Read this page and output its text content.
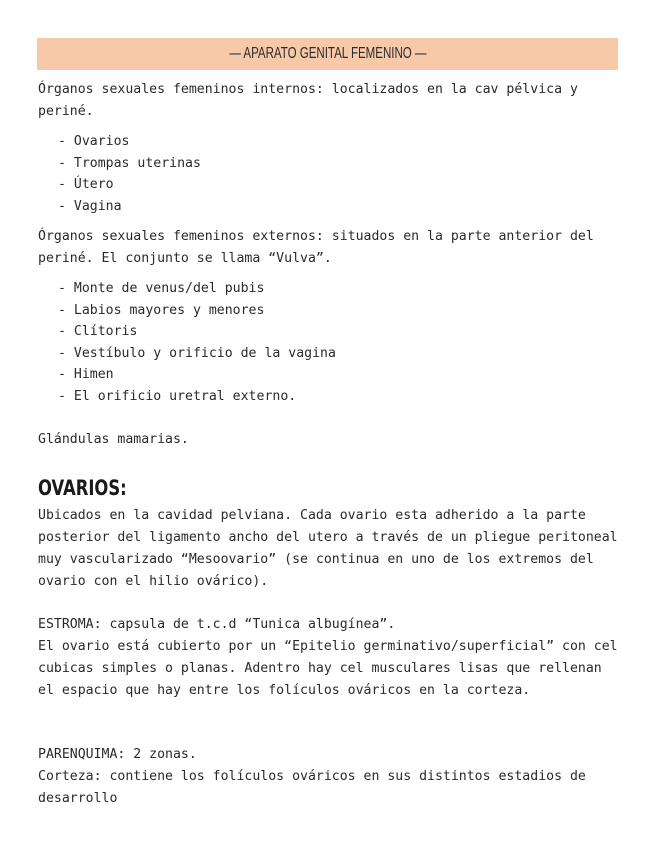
— APARATO GENITAL FEMENINO —
Órganos sexuales femeninos internos: localizados en la cav pélvica y periné.
- Ovarios
- Trompas uterinas
- Útero
- Vagina
Órganos sexuales femeninos externos: situados en la parte anterior del periné. El conjunto se llama “Vulva”.
- Monte de venus/del pubis
- Labios mayores y menores
- Clítoris
- Vestíbulo y orificio de la vagina
- Himen
- El orificio uretral externo.
Glándulas mamarias.
OVARIOS:
Ubicados en la cavidad pelviana. Cada ovario esta adherido a la parte posterior del ligamento ancho del utero a través de un pliegue peritoneal muy vascularizado “Mesoovario” (se continua en uno de los extremos del ovario con el hilio ovárico).
ESTROMA: capsula de t.c.d “Tunica albugínea”.
El ovario está cubierto por un “Epitelio germinativo/superficial” con cel cubicas simples o planas. Adentro hay cel musculares lisas que rellenan el espacio que hay entre los folículos ováricos en la corteza.
PARENQUIMA: 2 zonas.
Corteza: contiene los folículos ováricos en sus distintos estadios de desarrollo
